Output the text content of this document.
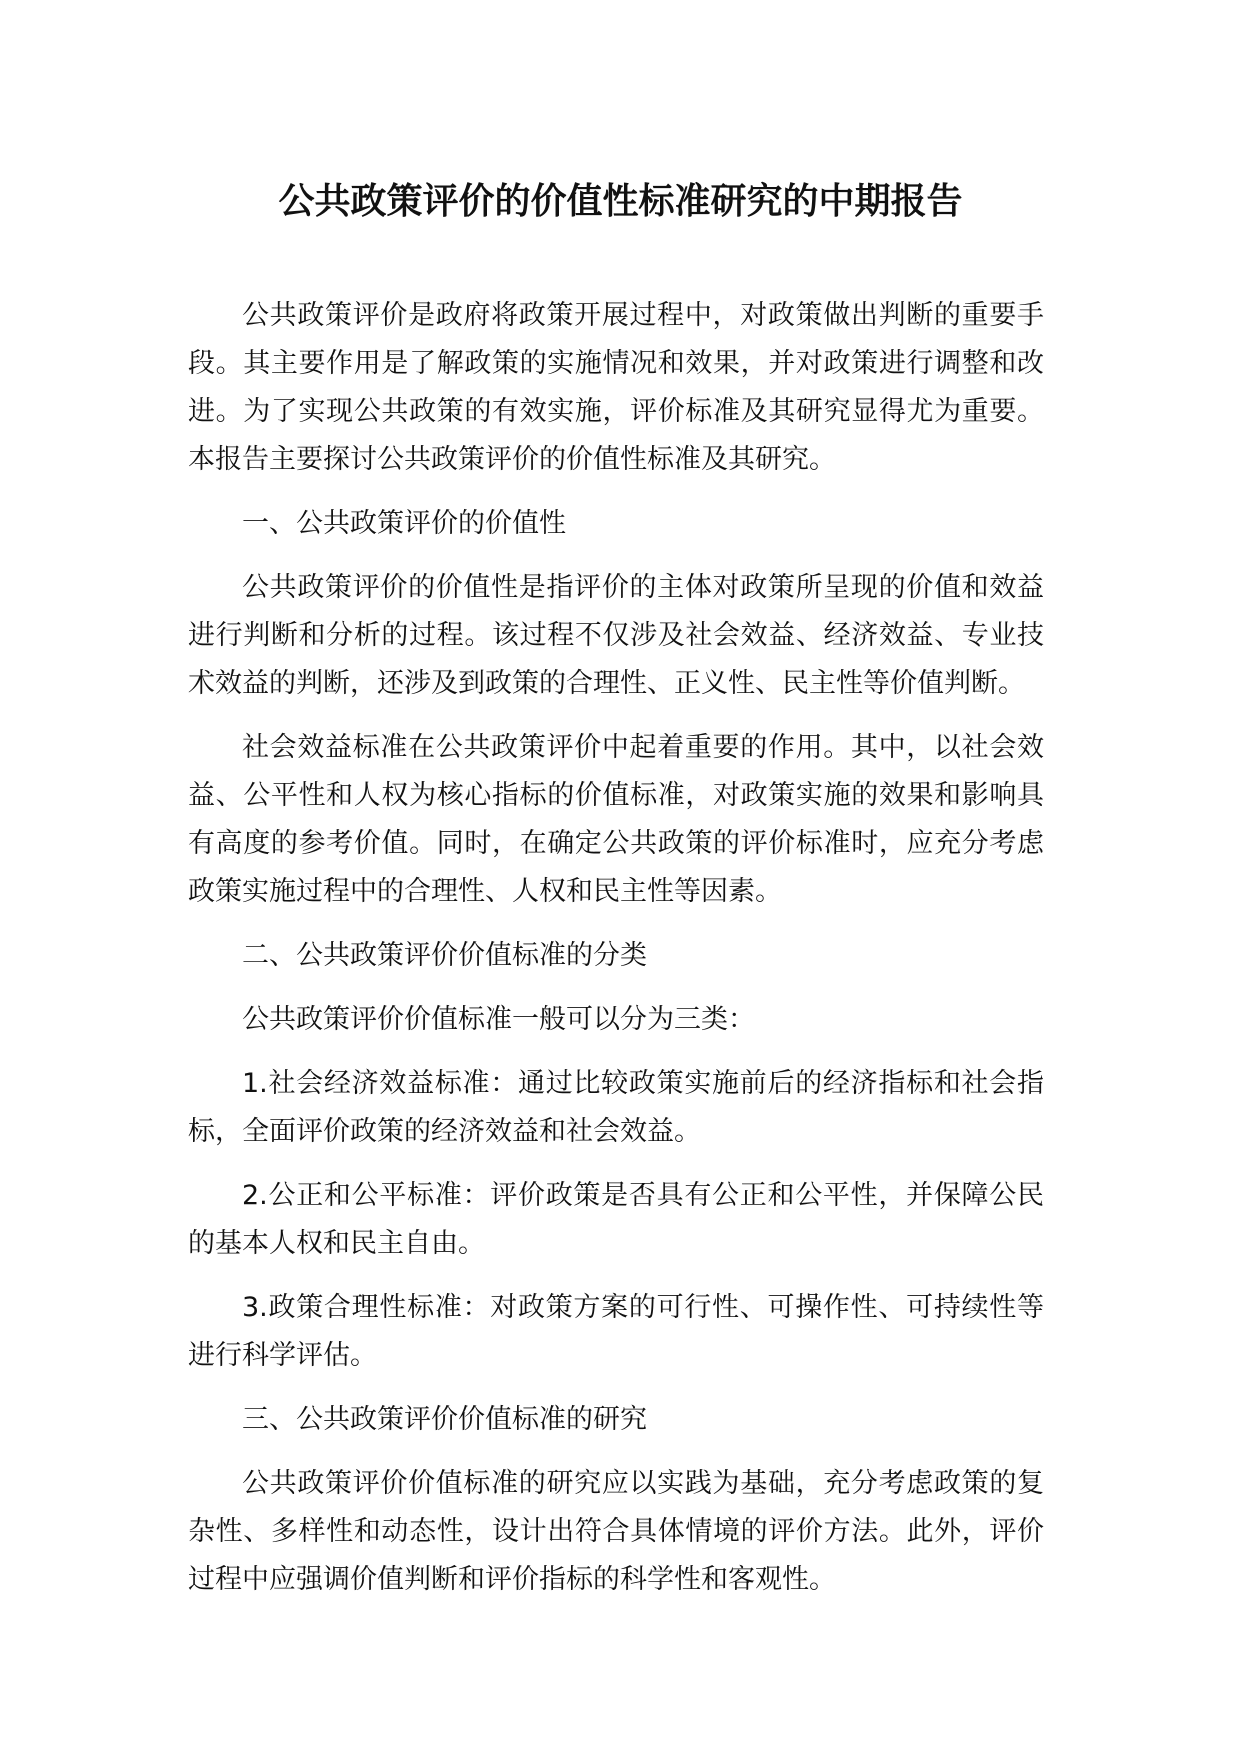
公共政策评价的价值性标准研究的中期报告

公共政策评价是政府将政策开展过程中，对政策做出判断的重要手段。其主要作用是了解政策的实施情况和效果，并对政策进行调整和改进。为了实现公共政策的有效实施，评价标准及其研究显得尤为重要。本报告主要探讨公共政策评价的价值性标准及其研究。

一、公共政策评价的价值性

公共政策评价的价值性是指评价的主体对政策所呈现的价值和效益进行判断和分析的过程。该过程不仅涉及社会效益、经济效益、专业技术效益的判断，还涉及到政策的合理性、正义性、民主性等价值判断。

社会效益标准在公共政策评价中起着重要的作用。其中，以社会效益、公平性和人权为核心指标的价值标准，对政策实施的效果和影响具有高度的参考价值。同时，在确定公共政策的评价标准时，应充分考虑政策实施过程中的合理性、人权和民主性等因素。

二、公共政策评价价值标准的分类

公共政策评价价值标准一般可以分为三类：

1.社会经济效益标准：通过比较政策实施前后的经济指标和社会指标，全面评价政策的经济效益和社会效益。

2.公正和公平标准：评价政策是否具有公正和公平性，并保障公民的基本人权和民主自由。

3.政策合理性标准：对政策方案的可行性、可操作性、可持续性等进行科学评估。

三、公共政策评价价值标准的研究

公共政策评价价值标准的研究应以实践为基础，充分考虑政策的复杂性、多样性和动态性，设计出符合具体情境的评价方法。此外，评价过程中应强调价值判断和评价指标的科学性和客观性。
